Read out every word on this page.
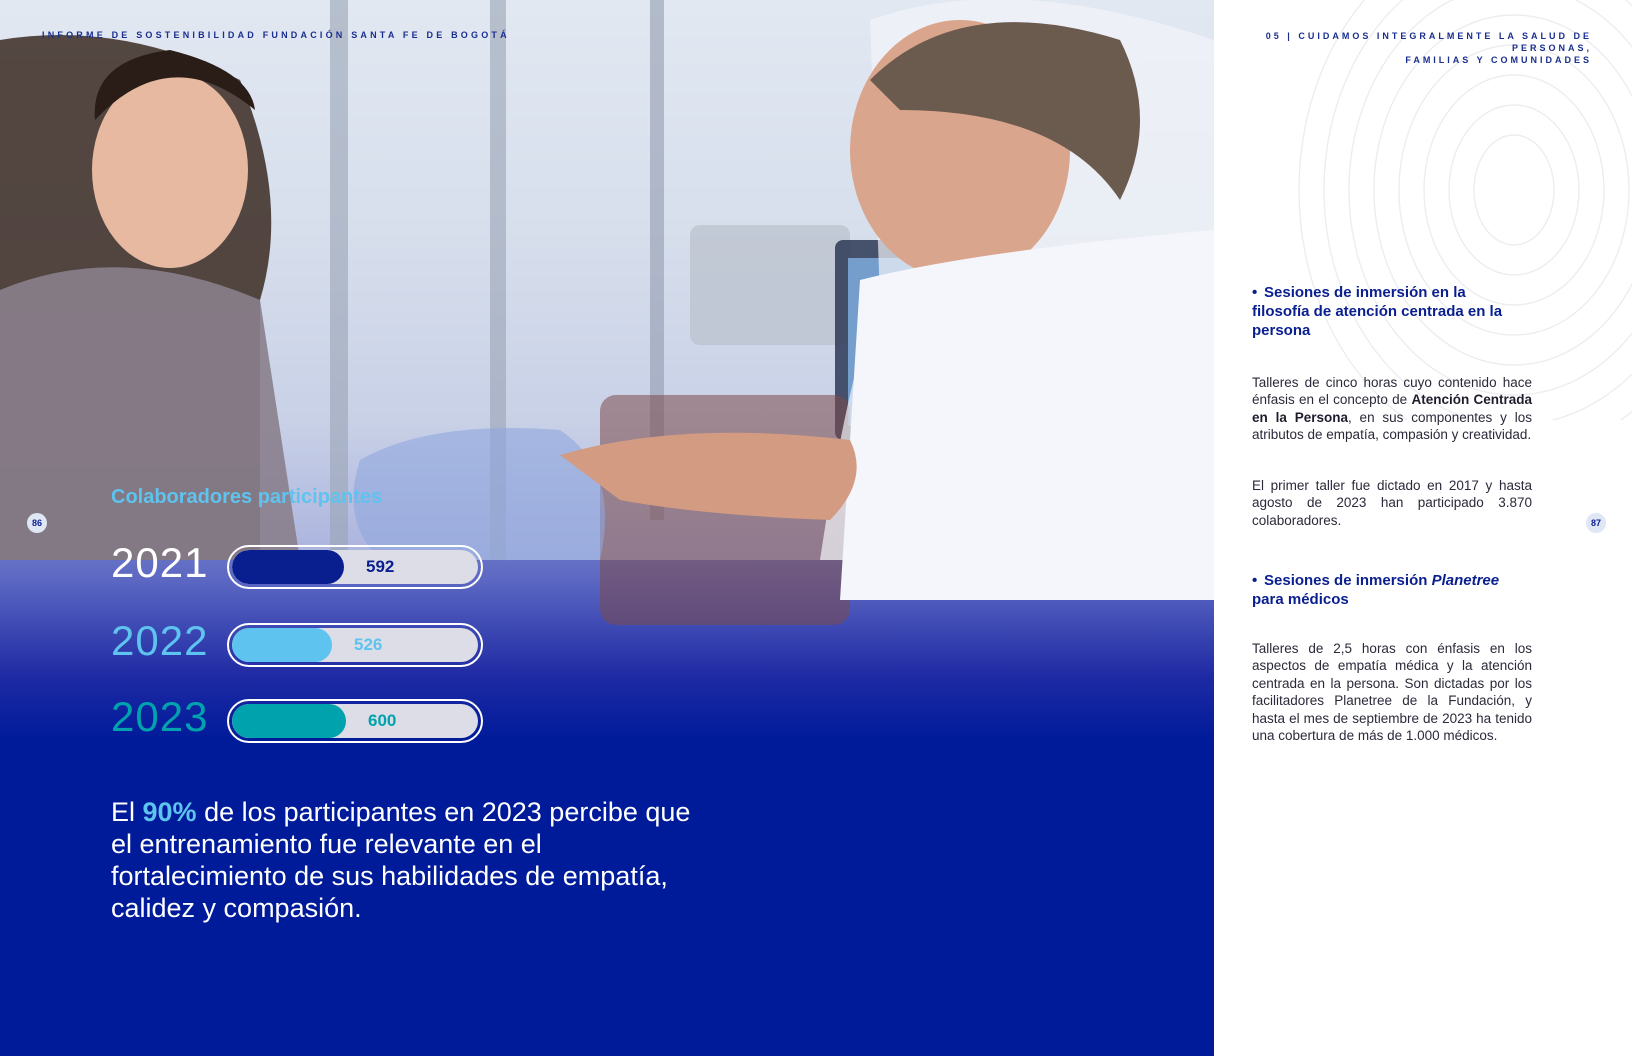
INFORME DE SOSTENIBILIDAD FUNDACIÓN SANTA FE DE BOGOTÁ

86
Colaboradores participantes
2021	592
2022	526
2023	600

El 90% de los participantes en 2023 percibe que el entrenamiento fue relevante en el fortalecimiento de sus habilidades de empatía, calidez y compasión.

05 | CUIDAMOS INTEGRALMENTE LA SALUD DE PERSONAS,
FAMILIAS Y COMUNIDADES

• Sesiones de inmersión en la filosofía de atención centrada en la persona

Talleres de cinco horas cuyo contenido hace énfasis en el concepto de Atención Centrada en la Persona, en sus componentes y los atributos de empatía, compasión y creatividad.

El primer taller fue dictado en 2017 y hasta agosto de 2023 han participado 3.870 colaboradores.	87
• Sesiones de inmersión Planetree para médicos

Talleres de 2,5 horas con énfasis en los aspectos de empatía médica y la atención centrada en la persona. Son dictadas por los facilitadores Planetree de la Fundación, y hasta el mes de septiembre de 2023 ha tenido una cobertura de más de 1.000 médicos.
